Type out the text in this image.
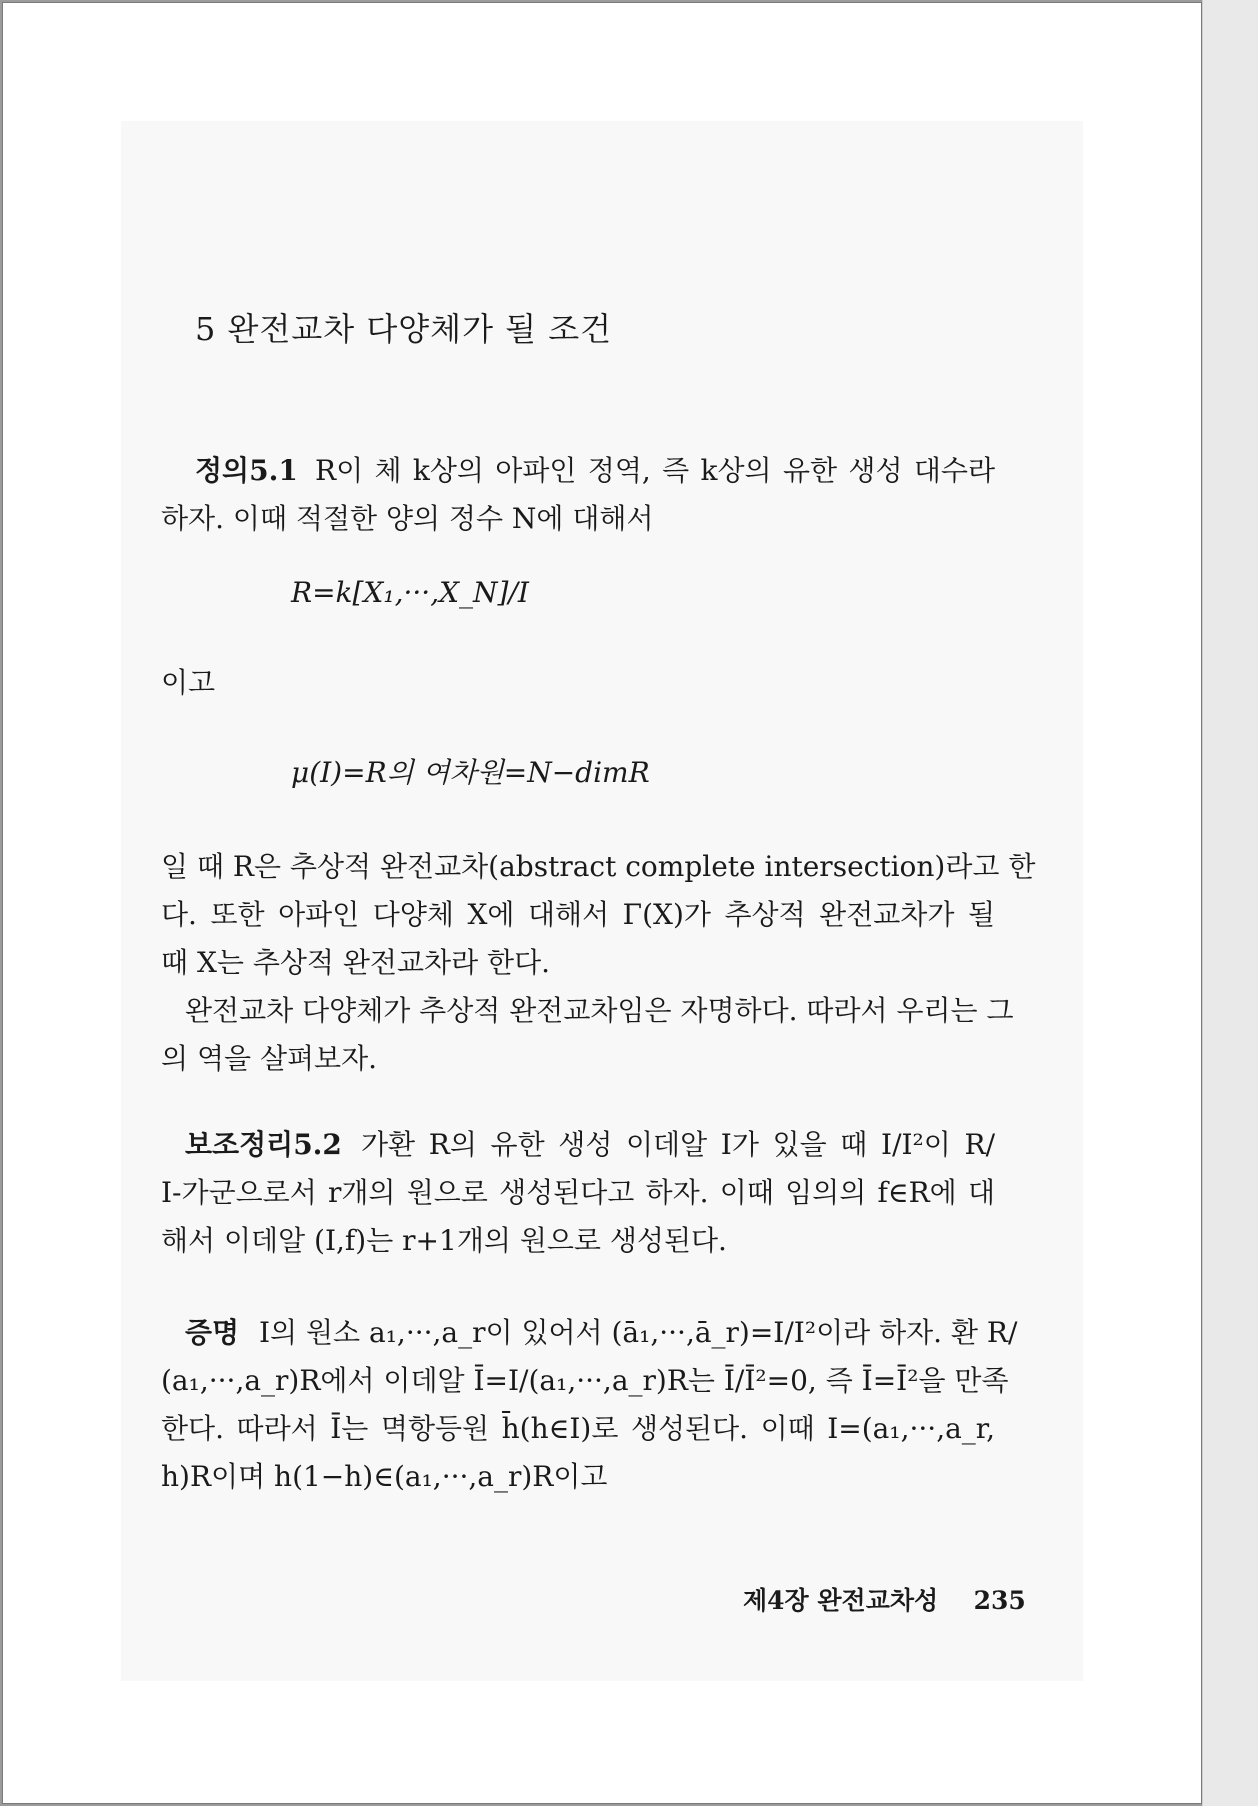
5 완전교차 다양체가 될 조건
정의5.1 R이 체 k상의 아파인 정역, 즉 k상의 유한 생성 대수라
하자. 이때 적절한 양의 정수 N에 대해서
R=k[X₁,···,X_N]/I
이고
μ(I)=R의 여차원=N−dimR
일 때 R은 추상적 완전교차(abstract complete intersection)라고 한
다. 또한 아파인 다양체 X에 대해서 Γ(X)가 추상적 완전교차가 될
때 X는 추상적 완전교차라 한다.
완전교차 다양체가 추상적 완전교차임은 자명하다. 따라서 우리는 그
의 역을 살펴보자.
보조정리5.2 가환 R의 유한 생성 이데알 I가 있을 때 I/I²이 R/
I-가군으로서 r개의 원으로 생성된다고 하자. 이때 임의의 f∈R에 대
해서 이데알 (I,f)는 r+1개의 원으로 생성된다.
증명 I의 원소 a₁,···,a_r이 있어서 (ā₁,···,ā_r)=I/I²이라 하자. 환 R/
(a₁,···,a_r)R에서 이데알 Ī=I/(a₁,···,a_r)R는 Ī/Ī²=0, 즉 Ī=Ī²을 만족
한다. 따라서 Ī는 멱항등원 h̄(h∈I)로 생성된다. 이때 I=(a₁,···,a_r,
h)R이며 h(1−h)∈(a₁,···,a_r)R이고
제4장 완전교차성 235
